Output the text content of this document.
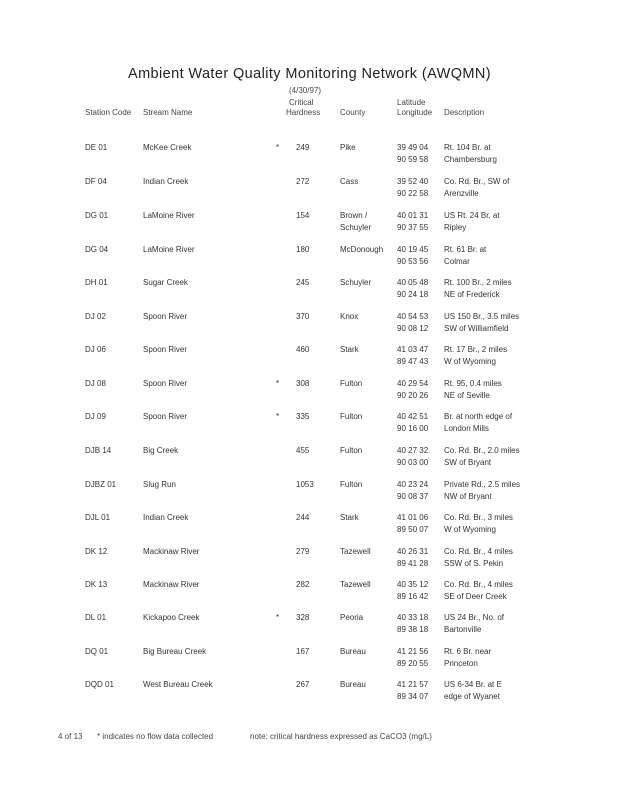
Ambient Water Quality Monitoring Network (AWQMN)
(4/30/97)
Station Code Stream Name
Critical
Hardness County
Latitude
Longitude Description
DE 01	McKee Creek	* 249	Pike	39 49 04 Rt. 104 Br. at
90 59 58 Chambersburg
DF 04	Indian Creek	272	Cass	39 52 40 Co. Rd. Br., SW of
90 22 58 Arenzville
DG 01	LaMoine River	154	Brown /	40 01 31 US Rt. 24 Br. at
Schuyler	90 37 55 Ripley
DG 04	LaMoine River	180	McDonough 40 19 45 Rt. 61 Br. at
90 53 56 Colmar
DH 01	Sugar Creek	245	Schuyler	40 05 48 Rt. 100 Br., 2 miles
90 24 18 NE of Frederick
DJ 02	Spoon River	370	Knox	40 54 53 US 150 Br., 3.5 miles
90 08 12 SW of Williamfield
DJ 06	Spoon River	460	Stark	41 03 47 Rt. 17 Br., 2 miles
89 47 43 W of Wyoming
DJ 08	Spoon River	* 308	Fulton	40 29 54 Rt. 95, 0.4 miles
90 20 26 NE of Seville
DJ 09	Spoon River	* 335	Fulton	40 42 51 Br. at north edge of
90 16 00 London Mills
DJB 14	Big Creek	455	Fulton	40 27 32 Co. Rd. Br., 2.0 miles
90 03 00 SW of Bryant
DJBZ 01	Slug Run	1053	Fulton	40 23 24 Private Rd., 2.5 miles
90 08 37 NW of Bryant
DJL 01	Indian Creek	244	Stark	41 01 06 Co. Rd. Br., 3 miles
89 50 07 W of Wyoming
DK 12	Mackinaw River	279	Tazewell	40 26 31 Co. Rd. Br., 4 miles
89 41 28 SSW of S. Pekin
DK 13	Mackinaw River	282	Tazewell	40 35 12 Co. Rd. Br., 4 miles
89 16 42 SE of Deer Creek
DL 01	Kickapoo Creek	* 328	Peoria	40 33 18 US 24 Br., No. of
89 38 18 Bartonville
DQ 01	Big Bureau Creek	167	Bureau	41 21 56 Rt. 6 Br. near
89 20 55 Princeton
DQD 01	West Bureau Creek	267	Bureau	41 21 57 US 6-34 Br. at E
89 34 07 edge of Wyanet
4 of 13 * indicates no flow data collected	note: critical hardness expressed as CaCO3 (mg/L)
